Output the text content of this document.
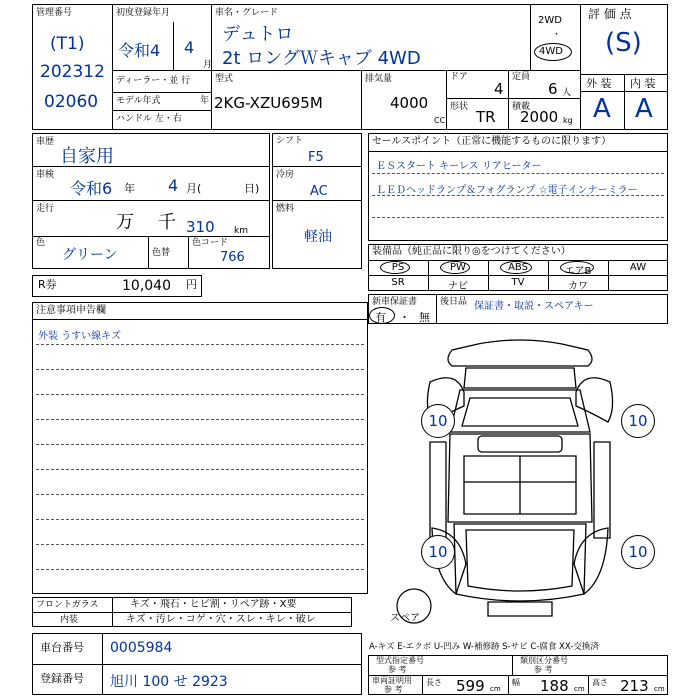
管理番号
(T1)
202312
02060
初度登録年月
令和4 4
月
車名・グレード
デュトロ
2t ロングＷキャブ 4WD
2WD
・
4WD
評 価 点
(S)
外 装 内 装
A A
ディーラー・並 行
モデル年式	年
ハンドル 左・右
型式
2KG-XZU695M
排気量
4000
CC
ドア
4
定員
6 人
形状
TR
積載
2000 kg
車歴
自家用
シフト
F5
車検
令和6 年 4 月(	日)
冷房
AC
走行
万 千 310 km
燃料
軽油
色
グリーン	色替
色コード
766
R券	10,040 円
セールスポイント（正常に機能するものに限ります）
ＥＳスタート キーレス リアヒーター
ＬＥＤヘッドランプ＆フォグランプ ☆電子インナーミラー
装備品（純正品に限り◎をつけてください）
PS	PW	ABS	エアB	AW
SR	ナビ	TV	カワ
新車保証書
有 ・ 無
後日品 保証書・取説・スペアキー
注意事項申告欄
外装 うすい線キズ
10	10
10	10
スペア
フロントガラス	キズ・飛石・ヒビ割・リペア跡・X要
内装	キズ・汚レ・コゲ・穴・スレ・キレ・破レ
車台番号 0005984
登録番号 旭川 100 せ 2923
A-キズ E-エクボ U-凹み W-補修跡 S-サビ C-腐食 XX-交換済
型式指定番号
参 考
類別区分番号
参 考
車両証明用
参 考
長さ 599 cm
幅 188 cm
高さ 213 cm
